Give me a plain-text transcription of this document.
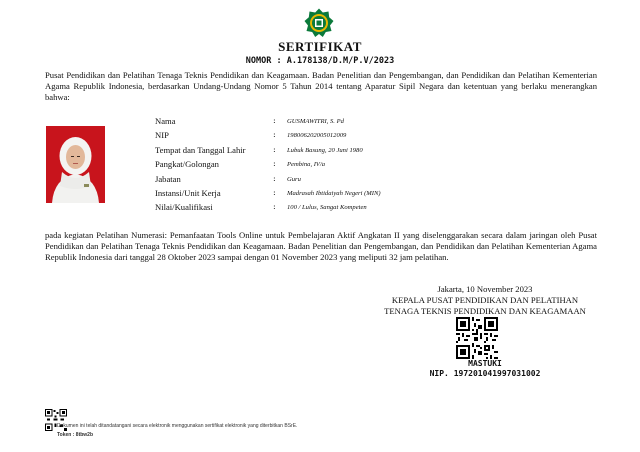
SERTIFIKAT
NOMOR : A.178138/D.M/P.V/2023
Pusat Pendidikan dan Pelatihan Tenaga Teknis Pendidikan dan Keagamaan. Badan Penelitian dan Pengembangan, dan Pendidikan dan Pelatihan Kementerian Agama Republik Indonesia, berdasarkan Undang-Undang Nomor 5 Tahun 2014 tentang Aparatur Sipil Negara dan ketentuan yang berlaku menerangkan bahwa:
Nama	: GUSMAWITRI, S. Pd
NIP	: 198006202005012009
Tempat dan Tanggal Lahir	: Lubuk Basung, 20 Juni 1980
Pangkat/Golongan	: Pembina, IV/a
Jabatan	: Guru
Instansi/Unit Kerja	: Madrasah Ibtidaiyah Negeri (MIN)
Nilai/Kualifikasi	: 100 / Lulus, Sangat Kompeten
pada kegiatan Pelatihan Numerasi: Pemanfaatan Tools Online untuk Pembelajaran Aktif Angkatan II yang diselenggarakan secara dalam jaringan oleh Pusat Pendidikan dan Pelatihan Tenaga Teknis Pendidikan dan Keagamaan. Badan Penelitian dan Pengembangan, dan Pendidikan dan Pelatihan Kementerian Agama Republik Indonesia dari tanggal 28 Oktober 2023 sampai dengan 01 November 2023 yang meliputi 32 jam pelatihan.
Jakarta, 10 November 2023
KEPALA PUSAT PENDIDIKAN DAN PELATIHAN
TENAGA TEKNIS PENDIDIKAN DAN KEAGAMAAN
MASTUKI
NIP. 197201041997031002
Dokumen ini telah ditandatangani secara elektronik menggunakan sertifikat elektronik yang diterbitkan BSrE.
Token : 8tbw2b
